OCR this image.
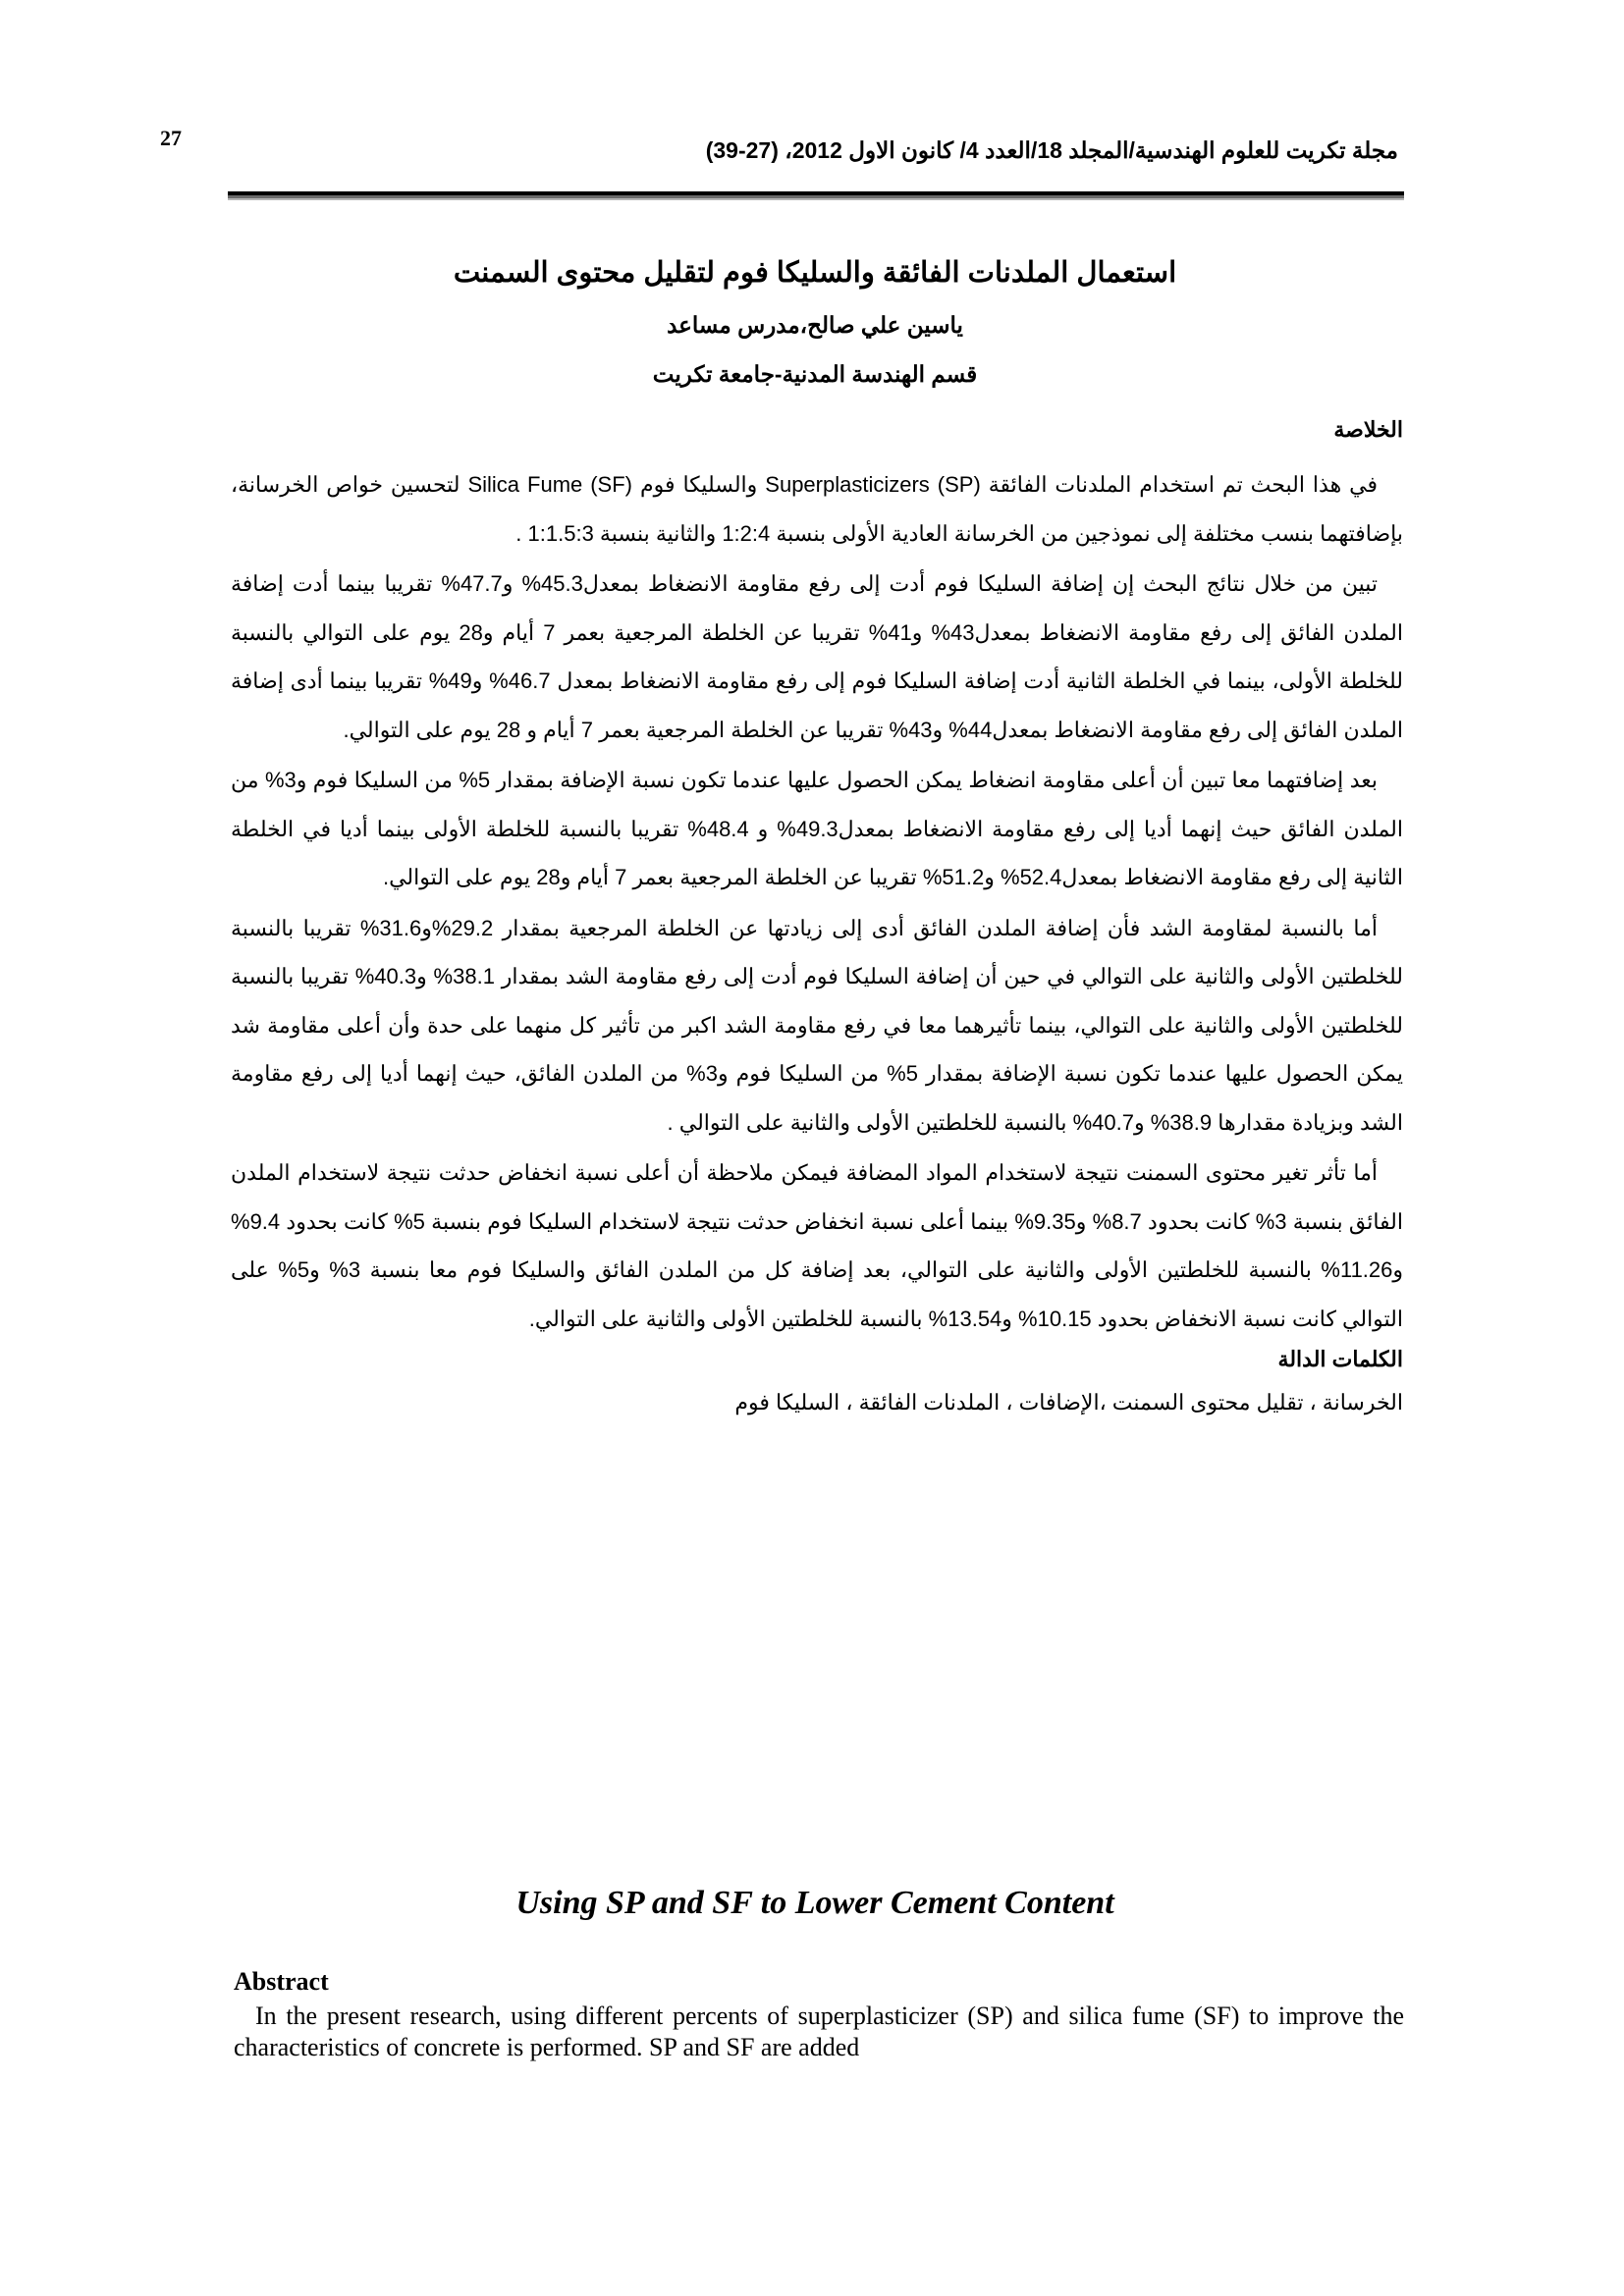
27	مجلة تكريت للعلوم الهندسية/المجلد 18/العدد 4/ كانون الاول 2012، (27-39)
استعمال الملدنات الفائقة والسليكا فوم لتقليل محتوى السمنت
ياسين علي صالح،مدرس مساعد
قسم الهندسة المدنية-جامعة تكريت
الخلاصة

في هذا البحث تم استخدام الملدنات الفائقة Superplasticizers (SP) والسليكا فوم Silica Fume (SF) لتحسين خواص الخرسانة، بإضافتهما بنسب مختلفة إلى نموذجين من الخرسانة العادية الأولى بنسبة 1:2:4 والثانية بنسبة 1:1.5:3 .

تبين من خلال نتائج البحث إن إضافة السليكا فوم أدت إلى رفع مقاومة الانضغاط بمعدل45.3% و47.7% تقريبا بينما أدت إضافة الملدن الفائق إلى رفع مقاومة الانضغاط بمعدل43% و41% تقريبا عن الخلطة المرجعية بعمر 7 أيام و28 يوم على التوالي بالنسبة للخلطة الأولى، بينما في الخلطة الثانية أدت إضافة السليكا فوم إلى رفع مقاومة الانضغاط بمعدل 46.7% و49% تقريبا بينما أدى إضافة الملدن الفائق إلى رفع مقاومة الانضغاط بمعدل44% و43% تقريبا عن الخلطة المرجعية بعمر 7 أيام و 28 يوم على التوالي.

بعد إضافتهما معا تبين أن أعلى مقاومة انضغاط يمكن الحصول عليها عندما تكون نسبة الإضافة بمقدار 5% من السليكا فوم و3% من الملدن الفائق حيث إنهما أديا إلى رفع مقاومة الانضغاط بمعدل49.3% و 48.4% تقريبا بالنسبة للخلطة الأولى بينما أديا في الخلطة الثانية إلى رفع مقاومة الانضغاط بمعدل52.4% و51.2% تقريبا عن الخلطة المرجعية بعمر 7 أيام و28 يوم على التوالي.

أما بالنسبة لمقاومة الشد فأن إضافة الملدن الفائق أدى إلى زيادتها عن الخلطة المرجعية بمقدار 29.2%و31.6% تقريبا بالنسبة للخلطتين الأولى والثانية على التوالي في حين أن إضافة السليكا فوم أدت إلى رفع مقاومة الشد بمقدار 38.1% و40.3% تقريبا بالنسبة للخلطتين الأولى والثانية على التوالي، بينما تأثيرهما معا في رفع مقاومة الشد اكبر من تأثير كل منهما على حدة وأن أعلى مقاومة شد يمكن الحصول عليها عندما تكون نسبة الإضافة بمقدار 5% من السليكا فوم و3% من الملدن الفائق، حيث إنهما أديا إلى رفع مقاومة الشد وبزيادة مقدارها 38.9% و40.7% بالنسبة للخلطتين الأولى والثانية على التوالي .

أما تأثر تغير محتوى السمنت نتيجة لاستخدام المواد المضافة فيمكن ملاحظة أن أعلى نسبة انخفاض حدثت نتيجة لاستخدام الملدن الفائق بنسبة 3% كانت بحدود 8.7% و9.35% بينما أعلى نسبة انخفاض حدثت نتيجة لاستخدام السليكا فوم بنسبة 5% كانت بحدود 9.4% و11.26% بالنسبة للخلطتين الأولى والثانية على التوالي، بعد إضافة كل من الملدن الفائق والسليكا فوم معا بنسبة 3% و5% على التوالي كانت نسبة الانخفاض بحدود 10.15% و13.54% بالنسبة للخلطتين الأولى والثانية على التوالي.

الكلمات الدالة

الخرسانة ، تقليل محتوى السمنت ،الإضافات ، الملدنات الفائقة ، السليكا فوم

Using SP and SF to Lower Cement Content
Abstract

In the present research, using different percents of superplasticizer (SP) and silica fume (SF) to improve the characteristics of concrete is performed. SP and SF are added
